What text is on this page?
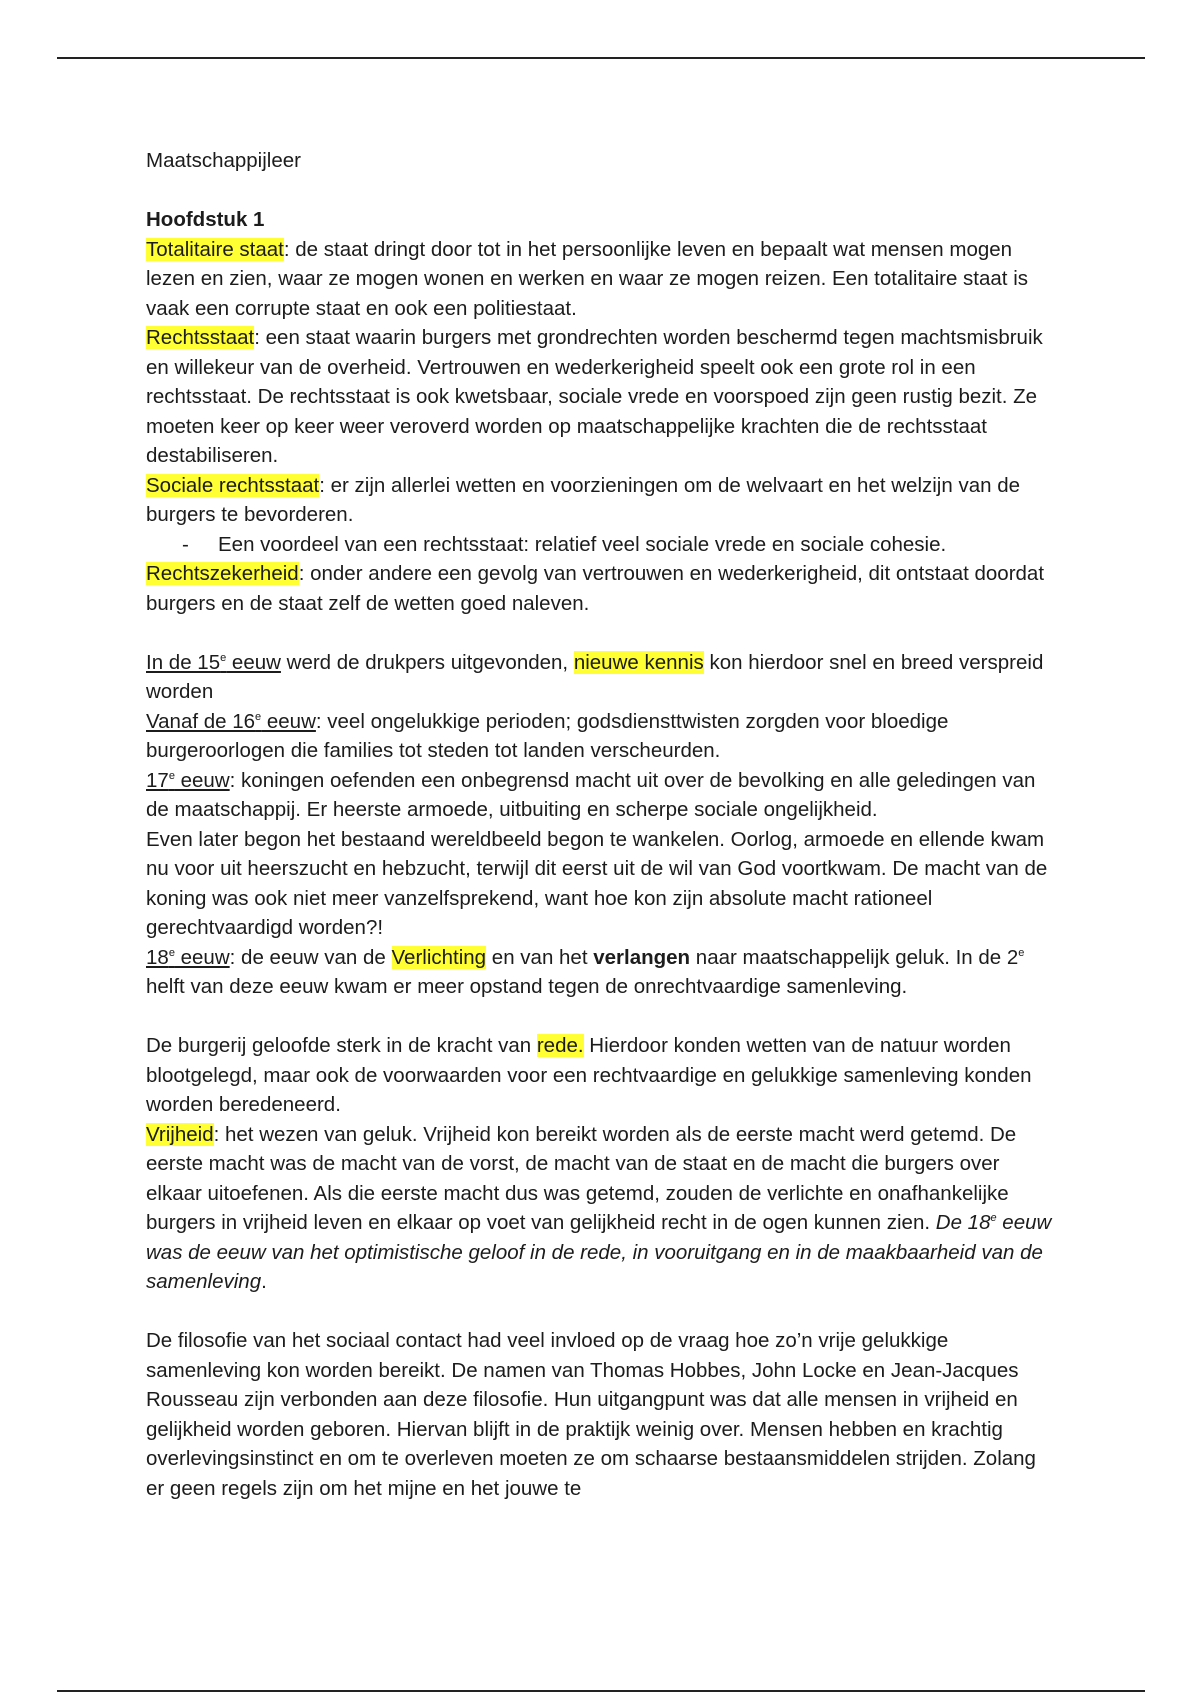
Maatschappijleer

Hoofdstuk 1

Totalitaire staat: de staat dringt door tot in het persoonlijke leven en bepaalt wat mensen mogen lezen en zien, waar ze mogen wonen en werken en waar ze mogen reizen. Een totalitaire staat is vaak een corrupte staat en ook een politiestaat.

Rechtsstaat: een staat waarin burgers met grondrechten worden beschermd tegen machtsmisbruik en willekeur van de overheid. Vertrouwen en wederkerigheid speelt ook een grote rol in een rechtsstaat. De rechtsstaat is ook kwetsbaar, sociale vrede en voorspoed zijn geen rustig bezit. Ze moeten keer op keer weer veroverd worden op maatschappelijke krachten die de rechtsstaat destabiliseren.

Sociale rechtsstaat: er zijn allerlei wetten en voorzieningen om de welvaart en het welzijn van de burgers te bevorderen.

-	Een voordeel van een rechtsstaat: relatief veel sociale vrede en sociale cohesie.

Rechtszekerheid: onder andere een gevolg van vertrouwen en wederkerigheid, dit ontstaat doordat burgers en de staat zelf de wetten goed naleven.

In de 15e eeuw werd de drukpers uitgevonden, nieuwe kennis kon hierdoor snel en breed verspreid worden

Vanaf de 16e eeuw: veel ongelukkige perioden; godsdiensttwisten zorgden voor bloedige burgeroorlogen die families tot steden tot landen verscheurden.

17e eeuw: koningen oefenden een onbegrensd macht uit over de bevolking en alle geledingen van de maatschappij. Er heerste armoede, uitbuiting en scherpe sociale ongelijkheid.

Even later begon het bestaand wereldbeeld begon te wankelen. Oorlog, armoede en ellende kwam nu voor uit heerszucht en hebzucht, terwijl dit eerst uit de wil van God voortkwam. De macht van de koning was ook niet meer vanzelfsprekend, want hoe kon zijn absolute macht rationeel gerechtvaardigd worden?!

18e eeuw: de eeuw van de Verlichting en van het verlangen naar maatschappelijk geluk. In de 2e helft van deze eeuw kwam er meer opstand tegen de onrechtvaardige samenleving.

De burgerij geloofde sterk in de kracht van rede. Hierdoor konden wetten van de natuur worden blootgelegd, maar ook de voorwaarden voor een rechtvaardige en gelukkige samenleving konden worden beredeneerd.

Vrijheid: het wezen van geluk. Vrijheid kon bereikt worden als de eerste macht werd getemd. De eerste macht was de macht van de vorst, de macht van de staat en de macht die burgers over elkaar uitoefenen. Als die eerste macht dus was getemd, zouden de verlichte en onafhankelijke burgers in vrijheid leven en elkaar op voet van gelijkheid recht in de ogen kunnen zien. De 18e eeuw was de eeuw van het optimistische geloof in de rede, in vooruitgang en in de maakbaarheid van de samenleving.

De filosofie van het sociaal contact had veel invloed op de vraag hoe zo’n vrije gelukkige samenleving kon worden bereikt. De namen van Thomas Hobbes, John Locke en Jean-Jacques Rousseau zijn verbonden aan deze filosofie. Hun uitgangpunt was dat alle mensen in vrijheid en gelijkheid worden geboren. Hiervan blijft in de praktijk weinig over. Mensen hebben en krachtig overlevingsinstinct en om te overleven moeten ze om schaarse bestaansmiddelen strijden. Zolang er geen regels zijn om het mijne en het jouwe te
